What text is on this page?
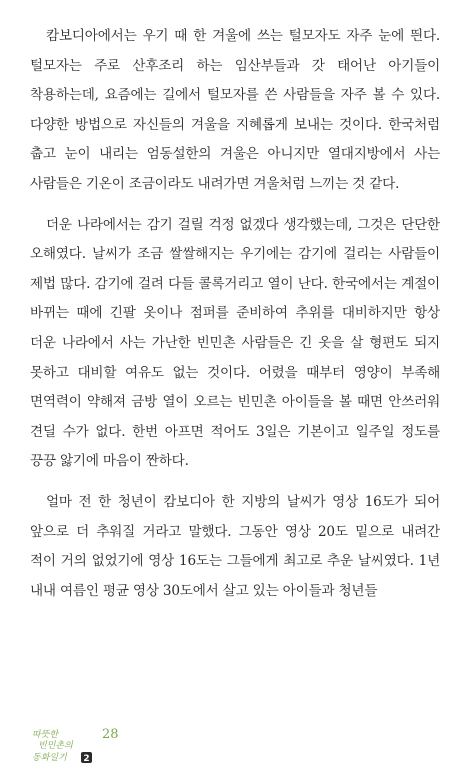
캄보디아에서는 우기 때 한 겨울에 쓰는 털모자도 자주 눈에 띈다. 털모자는 주로 산후조리 하는 임산부들과 갓 태어난 아기들이 착용하는데, 요즘에는 길에서 털모자를 쓴 사람들을 자주 볼 수 있다. 다양한 방법으로 자신들의 겨울을 지혜롭게 보내는 것이다. 한국처럼 춥고 눈이 내리는 엄동설한의 겨울은 아니지만 열대지방에서 사는 사람들은 기온이 조금이라도 내려가면 겨울처럼 느끼는 것 같다.

더운 나라에서는 감기 걸릴 걱정 없겠다 생각했는데, 그것은 단단한 오해였다. 날씨가 조금 쌀쌀해지는 우기에는 감기에 걸리는 사람들이 제법 많다. 감기에 걸려 다들 콜록거리고 열이 난다. 한국에서는 계절이 바뀌는 때에 긴팔 옷이나 점퍼를 준비하여 추위를 대비하지만 항상 더운 나라에서 사는 가난한 빈민촌 사람들은 긴 옷을 살 형편도 되지 못하고 대비할 여유도 없는 것이다. 어렸을 때부터 영양이 부족해 면역력이 약해져 금방 열이 오르는 빈민촌 아이들을 볼 때면 안쓰러워 견딜 수가 없다. 한번 아프면 적어도 3일은 기본이고 일주일 정도를 끙끙 앓기에 마음이 짠하다.

얼마 전 한 청년이 캄보디아 한 지방의 날씨가 영상 16도가 되어 앞으로 더 추워질 거라고 말했다. 그동안 영상 20도 밑으로 내려간 적이 거의 없었기에 영상 16도는 그들에게 최고로 추운 날씨였다. 1년 내내 여름인 평균 영상 30도에서 살고 있는 아이들과 청년들

따뜻한
빈민촌의
동화일기 2
28
